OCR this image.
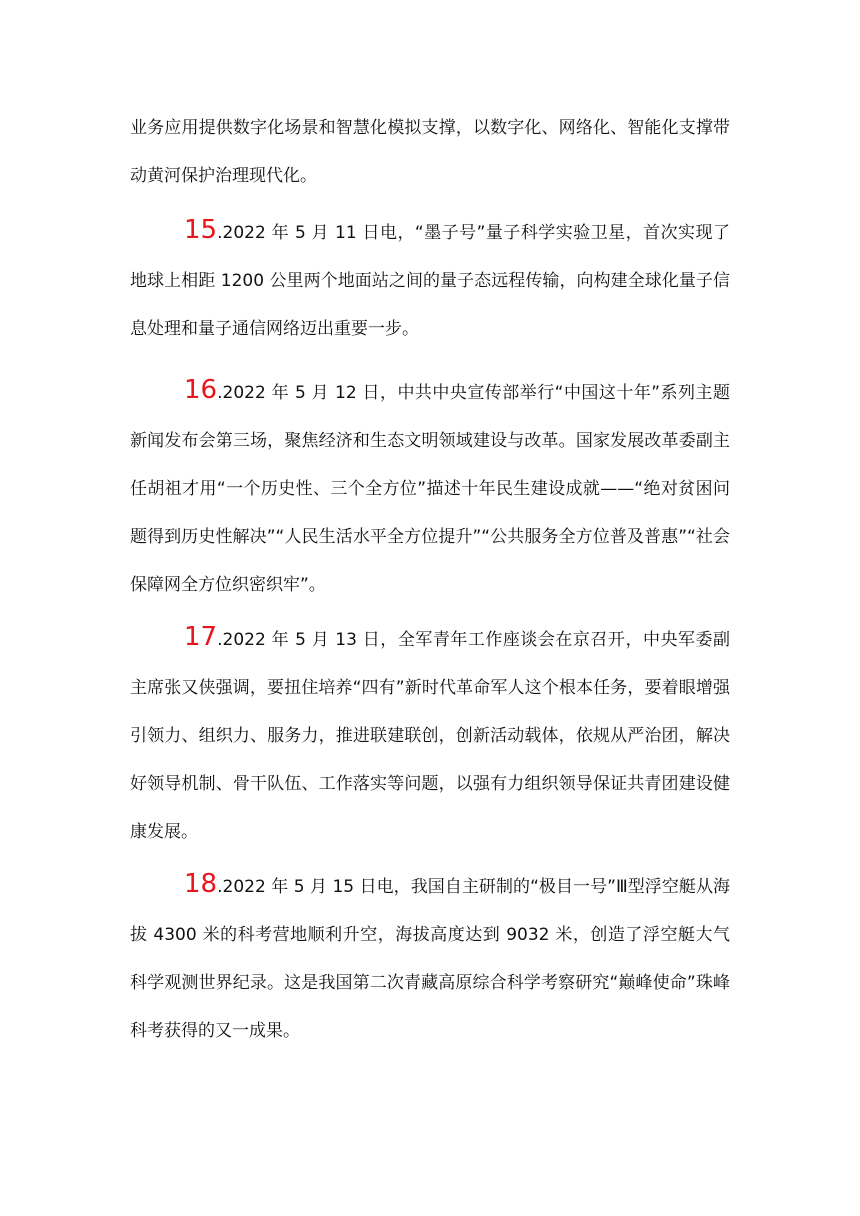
业务应用提供数字化场景和智慧化模拟支撑，以数字化、网络化、智能化支撑带动黄河保护治理现代化。

15.2022 年 5 月 11 日电，“墨子号”量子科学实验卫星，首次实现了地球上相距 1200 公里两个地面站之间的量子态远程传输，向构建全球化量子信息处理和量子通信网络迈出重要一步。

16.2022 年 5 月 12 日，中共中央宣传部举行“中国这十年”系列主题新闻发布会第三场，聚焦经济和生态文明领域建设与改革。国家发展改革委副主任胡祖才用“一个历史性、三个全方位”描述十年民生建设成就——“绝对贫困问题得到历史性解决”“人民生活水平全方位提升”“公共服务全方位普及普惠”“社会保障网全方位织密织牢”。

17.2022 年 5 月 13 日，全军青年工作座谈会在京召开，中央军委副主席张又侠强调，要扭住培养“四有”新时代革命军人这个根本任务，要着眼增强引领力、组织力、服务力，推进联建联创，创新活动载体，依规从严治团，解决好领导机制、骨干队伍、工作落实等问题，以强有力组织领导保证共青团建设健康发展。

18.2022 年 5 月 15 日电，我国自主研制的“极目一号”Ⅲ型浮空艇从海拔 4300 米的科考营地顺利升空，海拔高度达到 9032 米，创造了浮空艇大气科学观测世界纪录。这是我国第二次青藏高原综合科学考察研究“巅峰使命”珠峰科考获得的又一成果。
